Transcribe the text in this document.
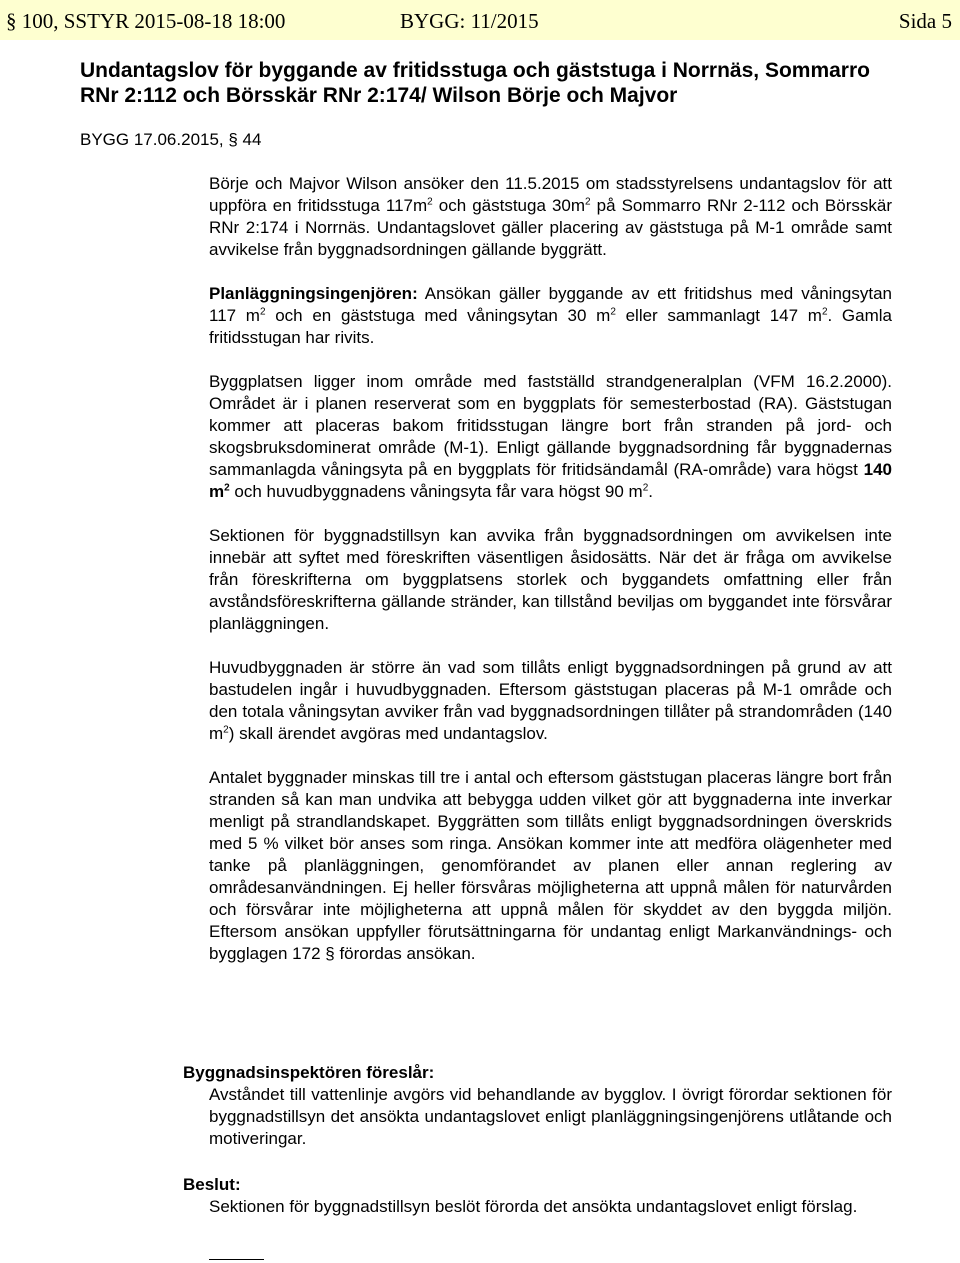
§ 100, SSTYR 2015-08-18 18:00	BYGG: 11/2015	Sida 5
Undantagslov för byggande av fritidsstuga och gäststuga i Norrnäs, Sommarro RNr 2:112 och Börsskär RNr 2:174/ Wilson Börje och Majvor
BYGG 17.06.2015, § 44

Börje och Majvor Wilson ansöker den 11.5.2015 om stadsstyrelsens undantagslov för att uppföra en fritidsstuga $117m^2$ och gäststuga $30m^2$ på Sommarro RNr 2-112 och Börsskär RNr 2:174 i Norrnäs. Undantagslovet gäller placering av gäststuga på M-1 område samt avvikelse från byggnadsordningen gällande byggrätt.

Planläggningsingenjören: Ansökan gäller byggande av ett fritidshus med våningsytan 117 $m^2$ och en gäststuga med våningsytan 30 $m^2$ eller sammanlagt 147 $m^2$. Gamla fritidsstugan har rivits.

Byggplatsen ligger inom område med fastställd strandgeneralplan (VFM 16.2.2000). Området är i planen reserverat som en byggplats för semesterbostad (RA). Gäststugan kommer att placeras bakom fritidsstugan längre bort från stranden på jord- och skogsbruksdominerat område (M-1). Enligt gällande byggnadsordning får byggnadernas sammanlagda våningsyta på en byggplats för fritidsändamål (RA-område) vara högst 140 $m^2$ och huvudbyggnadens våningsyta får vara högst 90 $m^2$.

Sektionen för byggnadstillsyn kan avvika från byggnadsordningen om avvikelsen inte innebär att syftet med föreskriften väsentligen åsidosätts. När det är fråga om avvikelse från föreskrifterna om byggplatsens storlek och byggandets omfattning eller från avståndsföreskrifterna gällande stränder, kan tillstånd beviljas om byggandet inte försvårar planläggningen.

Huvudbyggnaden är större än vad som tillåts enligt byggnadsordningen på grund av att bastudelen ingår i huvudbyggnaden. Eftersom gäststugan placeras på M-1 område och den totala våningsytan avviker från vad byggnadsordningen tillåter på strandområden (140 $m^2$) skall ärendet avgöras med undantagslov.

Antalet byggnader minskas till tre i antal och eftersom gäststugan placeras längre bort från stranden så kan man undvika att bebygga udden vilket gör att byggnaderna inte inverkar menligt på strandlandskapet. Byggrätten som tillåts enligt byggnadsordningen överskrids med 5 % vilket bör anses som ringa. Ansökan kommer inte att medföra olägenheter med tanke på planläggningen, genomförandet av planen eller annan reglering av områdesanvändningen. Ej heller försvåras möjligheterna att uppnå målen för naturvården och försvårar inte möjligheterna att uppnå målen för skyddet av den byggda miljön. Eftersom ansökan uppfyller förutsättningarna för undantag enligt Markanvändnings- och bygglagen 172 § förordas ansökan.

Byggnadsinspektören föreslår:
Avståndet till vattenlinje avgörs vid behandlande av bygglov. I övrigt förordar sektionen för byggnadstillsyn det ansökta undantagslovet enligt planläggningsingenjörens utlåtande och motiveringar.
Beslut:
Sektionen för byggnadstillsyn beslöt förorda det ansökta undantagslovet enligt förslag.
